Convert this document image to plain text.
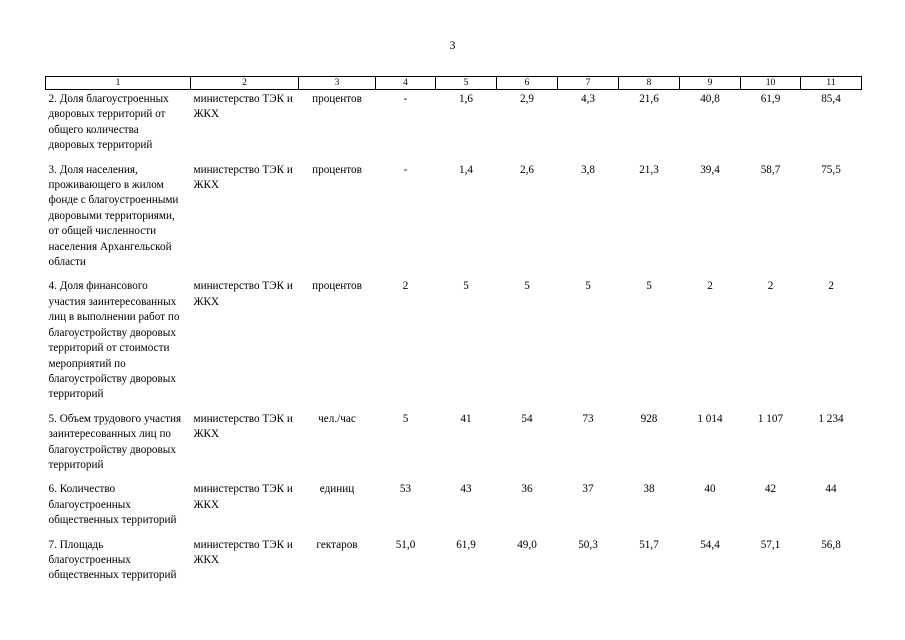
3
1	2	3	4	5	6	7	8	9	10	11
2. Доля благоустроенных дворовых территорий от общего количества дворовых территорий	министерство ТЭК и ЖКХ	процентов	-	1,6	2,9	4,3	21,6	40,8	61,9	85,4
3. Доля населения, проживающего в жилом фонде с благоустроенными дворовыми территориями, от общей численности населения Архангельской области	министерство ТЭК и ЖКХ	процентов	-	1,4	2,6	3,8	21,3	39,4	58,7	75,5
4. Доля финансового участия заинтересованных лиц в выполнении работ по благоустройству дворовых территорий от стоимости мероприятий по благоустройству дворовых территорий	министерство ТЭК и ЖКХ	процентов	2	5	5	5	5	2	2	2
5. Объем трудового участия заинтересованных лиц по благоустройству дворовых территорий	министерство ТЭК и ЖКХ	чел./час	5	41	54	73	928	1 014	1 107	1 234
6. Количество благоустроенных общественных территорий	министерство ТЭК и ЖКХ	единиц	53	43	36	37	38	40	42	44
7. Площадь благоустроенных общественных территорий	министерство ТЭК и ЖКХ	гектаров	51,0	61,9	49,0	50,3	51,7	54,4	57,1	56,8
